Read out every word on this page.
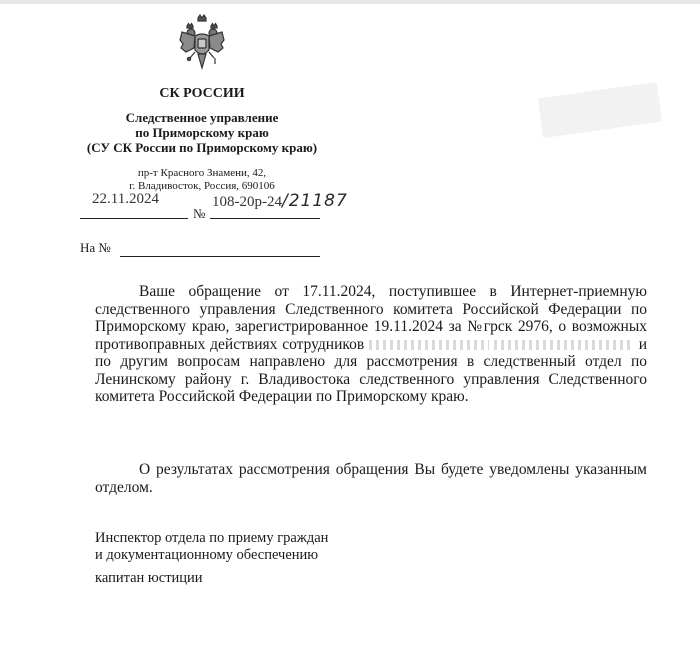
СК РОССИИ
Следственное управление
по Приморскому краю
(СУ СК России по Приморскому краю)
пр-т Красного Знамени, 42,
г. Владивосток, Россия, 690106
22.11.2024
№
108-20р-24/21187
На №
Ваше обращение от 17.11.2024, поступившее в Интернет-приемную следственного управления Следственного комитета Российской Федерации по Приморскому краю, зарегистрированное 19.11.2024 за №грск 2976, о возможных противоправных действиях сотрудников	и по другим вопросам направлено для рассмотрения в следственный отдел по Ленинскому району г. Владивостока следственного управления Следственного комитета Российской Федерации по Приморскому краю.
О результатах рассмотрения обращения Вы будете уведомлены указанным отделом.
Инспектор отдела по приему граждан
и документационному обеспечению
капитан юстиции
